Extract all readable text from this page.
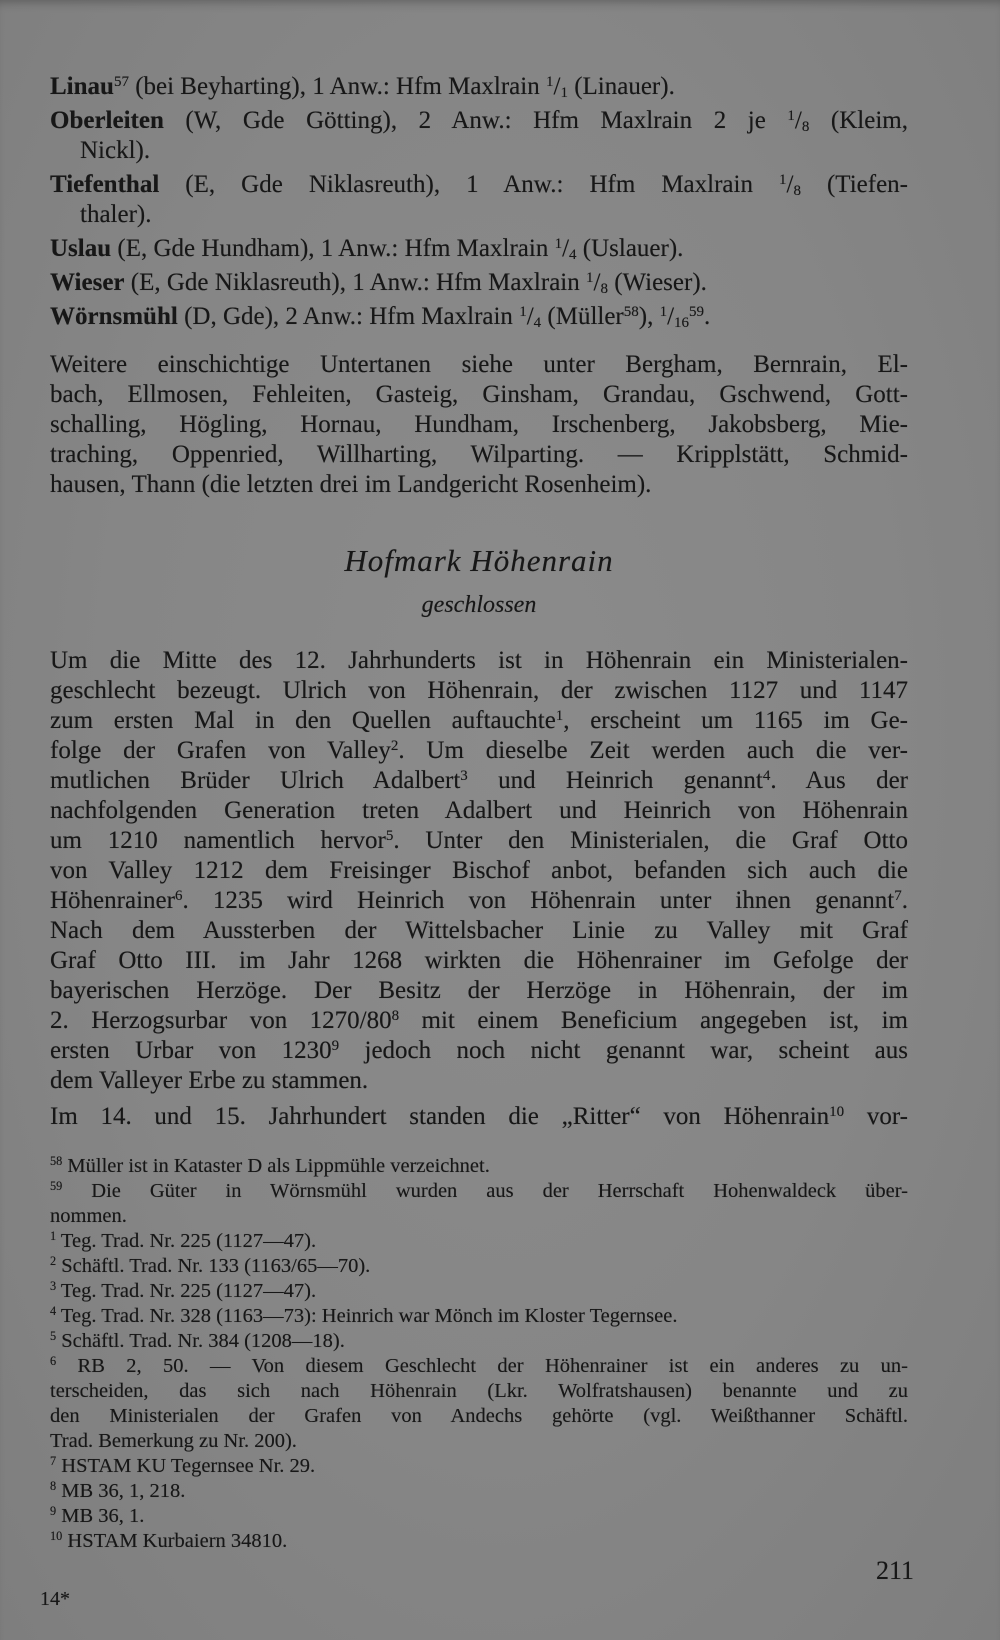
Linau$^{57}$ (bei Beyharting), 1 Anw.: Hfm Maxlrain $^1/_1$ (Linauer).
Oberleiten (W, Gde Götting), 2 Anw.: Hfm Maxlrain 2 je $^1/_8$ (Kleim,
Nickl).
Tiefenthal (E, Gde Niklasreuth), 1 Anw.: Hfm Maxlrain $^1/_8$ (Tiefen-
thaler).
Uslau (E, Gde Hundham), 1 Anw.: Hfm Maxlrain $^1/_4$ (Uslauer).
Wieser (E, Gde Niklasreuth), 1 Anw.: Hfm Maxlrain $^1/_8$ (Wieser).
Wörnsmühl (D, Gde), 2 Anw.: Hfm Maxlrain $^1/_4$ (Müller$^{58}$), $^1/_{16}^{59}$.
Weitere einschichtige Untertanen siehe unter Bergham, Bernrain, El-
bach, Ellmosen, Fehleiten, Gasteig, Ginsham, Grandau, Gschwend, Gott-
schalling, Högling, Hornau, Hundham, Irschenberg, Jakobsberg, Mie-
traching, Oppenried, Willharting, Wilparting. — Kripplstätt, Schmid-
hausen, Thann (die letzten drei im Landgericht Rosenheim).
Hofmark Höhenrain
geschlossen
Um die Mitte des 12. Jahrhunderts ist in Höhenrain ein Ministerialen-
geschlecht bezeugt. Ulrich von Höhenrain, der zwischen 1127 und 1147
zum ersten Mal in den Quellen auftauchte$^1$, erscheint um 1165 im Ge-
folge der Grafen von Valley$^2$. Um dieselbe Zeit werden auch die ver-
mutlichen Brüder Ulrich Adalbert$^3$ und Heinrich genannt$^4$. Aus der
nachfolgenden Generation treten Adalbert und Heinrich von Höhenrain
um 1210 namentlich hervor$^5$. Unter den Ministerialen, die Graf Otto
von Valley 1212 dem Freisinger Bischof anbot, befanden sich auch die
Höhenrainer$^6$. 1235 wird Heinrich von Höhenrain unter ihnen genannt$^7$.
Nach dem Aussterben der Wittelsbacher Linie zu Valley mit Graf
Graf Otto III. im Jahr 1268 wirkten die Höhenrainer im Gefolge der
bayerischen Herzöge. Der Besitz der Herzöge in Höhenrain, der im
2. Herzogsurbar von $1270/80^8$ mit einem Beneficium angegeben ist, im
ersten Urbar von 1230$^9$ jedoch noch nicht genannt war, scheint aus
dem Valleyer Erbe zu stammen.
Im 14. und 15. Jahrhundert standen die „Ritter“ von Höhenrain$^{10}$ vor-
$^{58}$ Müller ist in Kataster D als Lippmühle verzeichnet.
$^{59}$ Die Güter in Wörnsmühl wurden aus der Herrschaft Hohenwaldeck über-
nommen.
$^1$ Teg. Trad. Nr. 225 (1127—47).
$^2$ Schäftl. Trad. Nr. 133 (1163/65—70).
$^3$ Teg. Trad. Nr. 225 (1127—47).
$^4$ Teg. Trad. Nr. 328 (1163—73): Heinrich war Mönch im Kloster Tegernsee.
$^5$ Schäftl. Trad. Nr. 384 (1208—18).
$^6$ RB 2, 50. — Von diesem Geschlecht der Höhenrainer ist ein anderes zu un-
terscheiden, das sich nach Höhenrain (Lkr. Wolfratshausen) benannte und zu
den Ministerialen der Grafen von Andechs gehörte (vgl. Weißthanner Schäftl.
Trad. Bemerkung zu Nr. 200).
$^7$ HSTAM KU Tegernsee Nr. 29.
$^8$ MB 36, 1, 218.
$^9$ MB 36, 1.
$^{10}$ HSTAM Kurbaiern 34810.
211
14*
